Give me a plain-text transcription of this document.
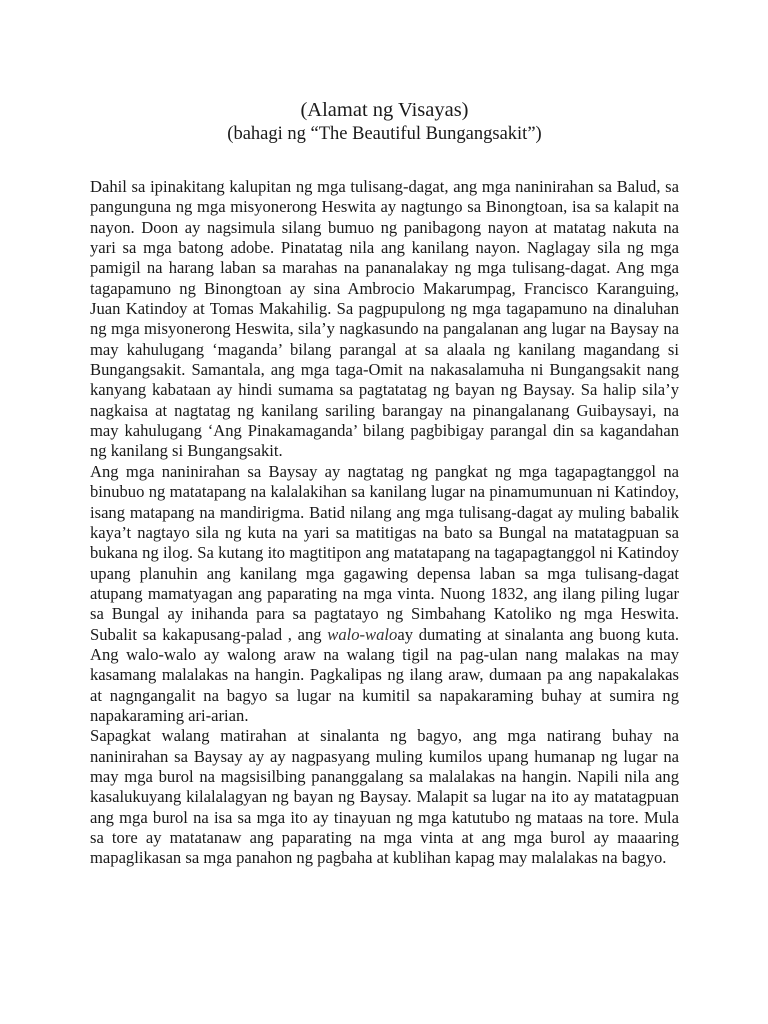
(Alamat ng Visayas)
(bahagi ng “The Beautiful Bungangsakit”)

Dahil sa ipinakitang kalupitan ng mga tulisang-dagat, ang mga naninirahan sa Balud, sa pangunguna ng mga misyonerong Heswita ay nagtungo sa Binongtoan, isa sa kalapit na nayon. Doon ay nagsimula silang bumuo ng panibagong nayon at matatag nakuta na yari sa mga batong adobe. Pinatatag nila ang kanilang nayon. Naglagay sila ng mga pamigil na harang laban sa marahas na pananalakay ng mga tulisang-dagat. Ang mga tagapamuno ng Binongtoan ay sina Ambrocio Makarumpag, Francisco Karanguing, Juan Katindoy at Tomas Makahilig. Sa pagpupulong ng mga tagapamuno na dinaluhan ng mga misyonerong Heswita, sila’y nagkasundo na pangalanan ang lugar na Baysay na may kahulugang ‘maganda’ bilang parangal at sa alaala ng kanilang magandang si Bungangsakit. Samantala, ang mga taga-Omit na nakasalamuha ni Bungangsakit nang kanyang kabataan ay hindi sumama sa pagtatatag ng bayan ng Baysay. Sa halip sila’y nagkaisa at nagtatag ng kanilang sariling barangay na pinangalanang Guibaysayi, na may kahulugang ‘Ang Pinakamaganda’ bilang pagbibigay parangal din sa kagandahan ng kanilang si Bungangsakit.

Ang mga naninirahan sa Baysay ay nagtatag ng pangkat ng mga tagapagtanggol na binubuo ng matatapang na kalalakihan sa kanilang lugar na pinamumunuan ni Katindoy, isang matapang na mandirigma. Batid nilang ang mga tulisang-dagat ay muling babalik kaya’t nagtayo sila ng kuta na yari sa matitigas na bato sa Bungal na matatagpuan sa bukana ng ilog. Sa kutang ito magtitipon ang matatapang na tagapagtanggol ni Katindoy upang planuhin ang kanilang mga gagawing depensa laban sa mga tulisang-dagat atupang mamatyagan ang paparating na mga vinta. Nuong 1832, ang ilang piling lugar sa Bungal ay inihanda para sa pagtatayo ng Simbahang Katoliko ng mga Heswita. Subalit sa kakapusang-palad , ang walo-waloay dumating at sinalanta ang buong kuta. Ang walo-walo ay walong araw na walang tigil na pag-ulan nang malakas na may kasamang malalakas na hangin. Pagkalipas ng ilang araw, dumaan pa ang napakalakas at nagngangalit na bagyo sa lugar na kumitil sa napakaraming buhay at sumira ng napakaraming ari-arian.

Sapagkat walang matirahan at sinalanta ng bagyo, ang mga natirang buhay na naninirahan sa Baysay ay ay nagpasyang muling kumilos upang humanap ng lugar na may mga burol na magsisilbing pananggalang sa malalakas na hangin. Napili nila ang kasalukuyang kilalalagyan ng bayan ng Baysay. Malapit sa lugar na ito ay matatagpuan ang mga burol na isa sa mga ito ay tinayuan ng mga katutubo ng mataas na tore. Mula sa tore ay matatanaw ang paparating na mga vinta at ang mga burol ay maaaring mapaglikasan sa mga panahon ng pagbaha at kublihan kapag may malalakas na bagyo.
